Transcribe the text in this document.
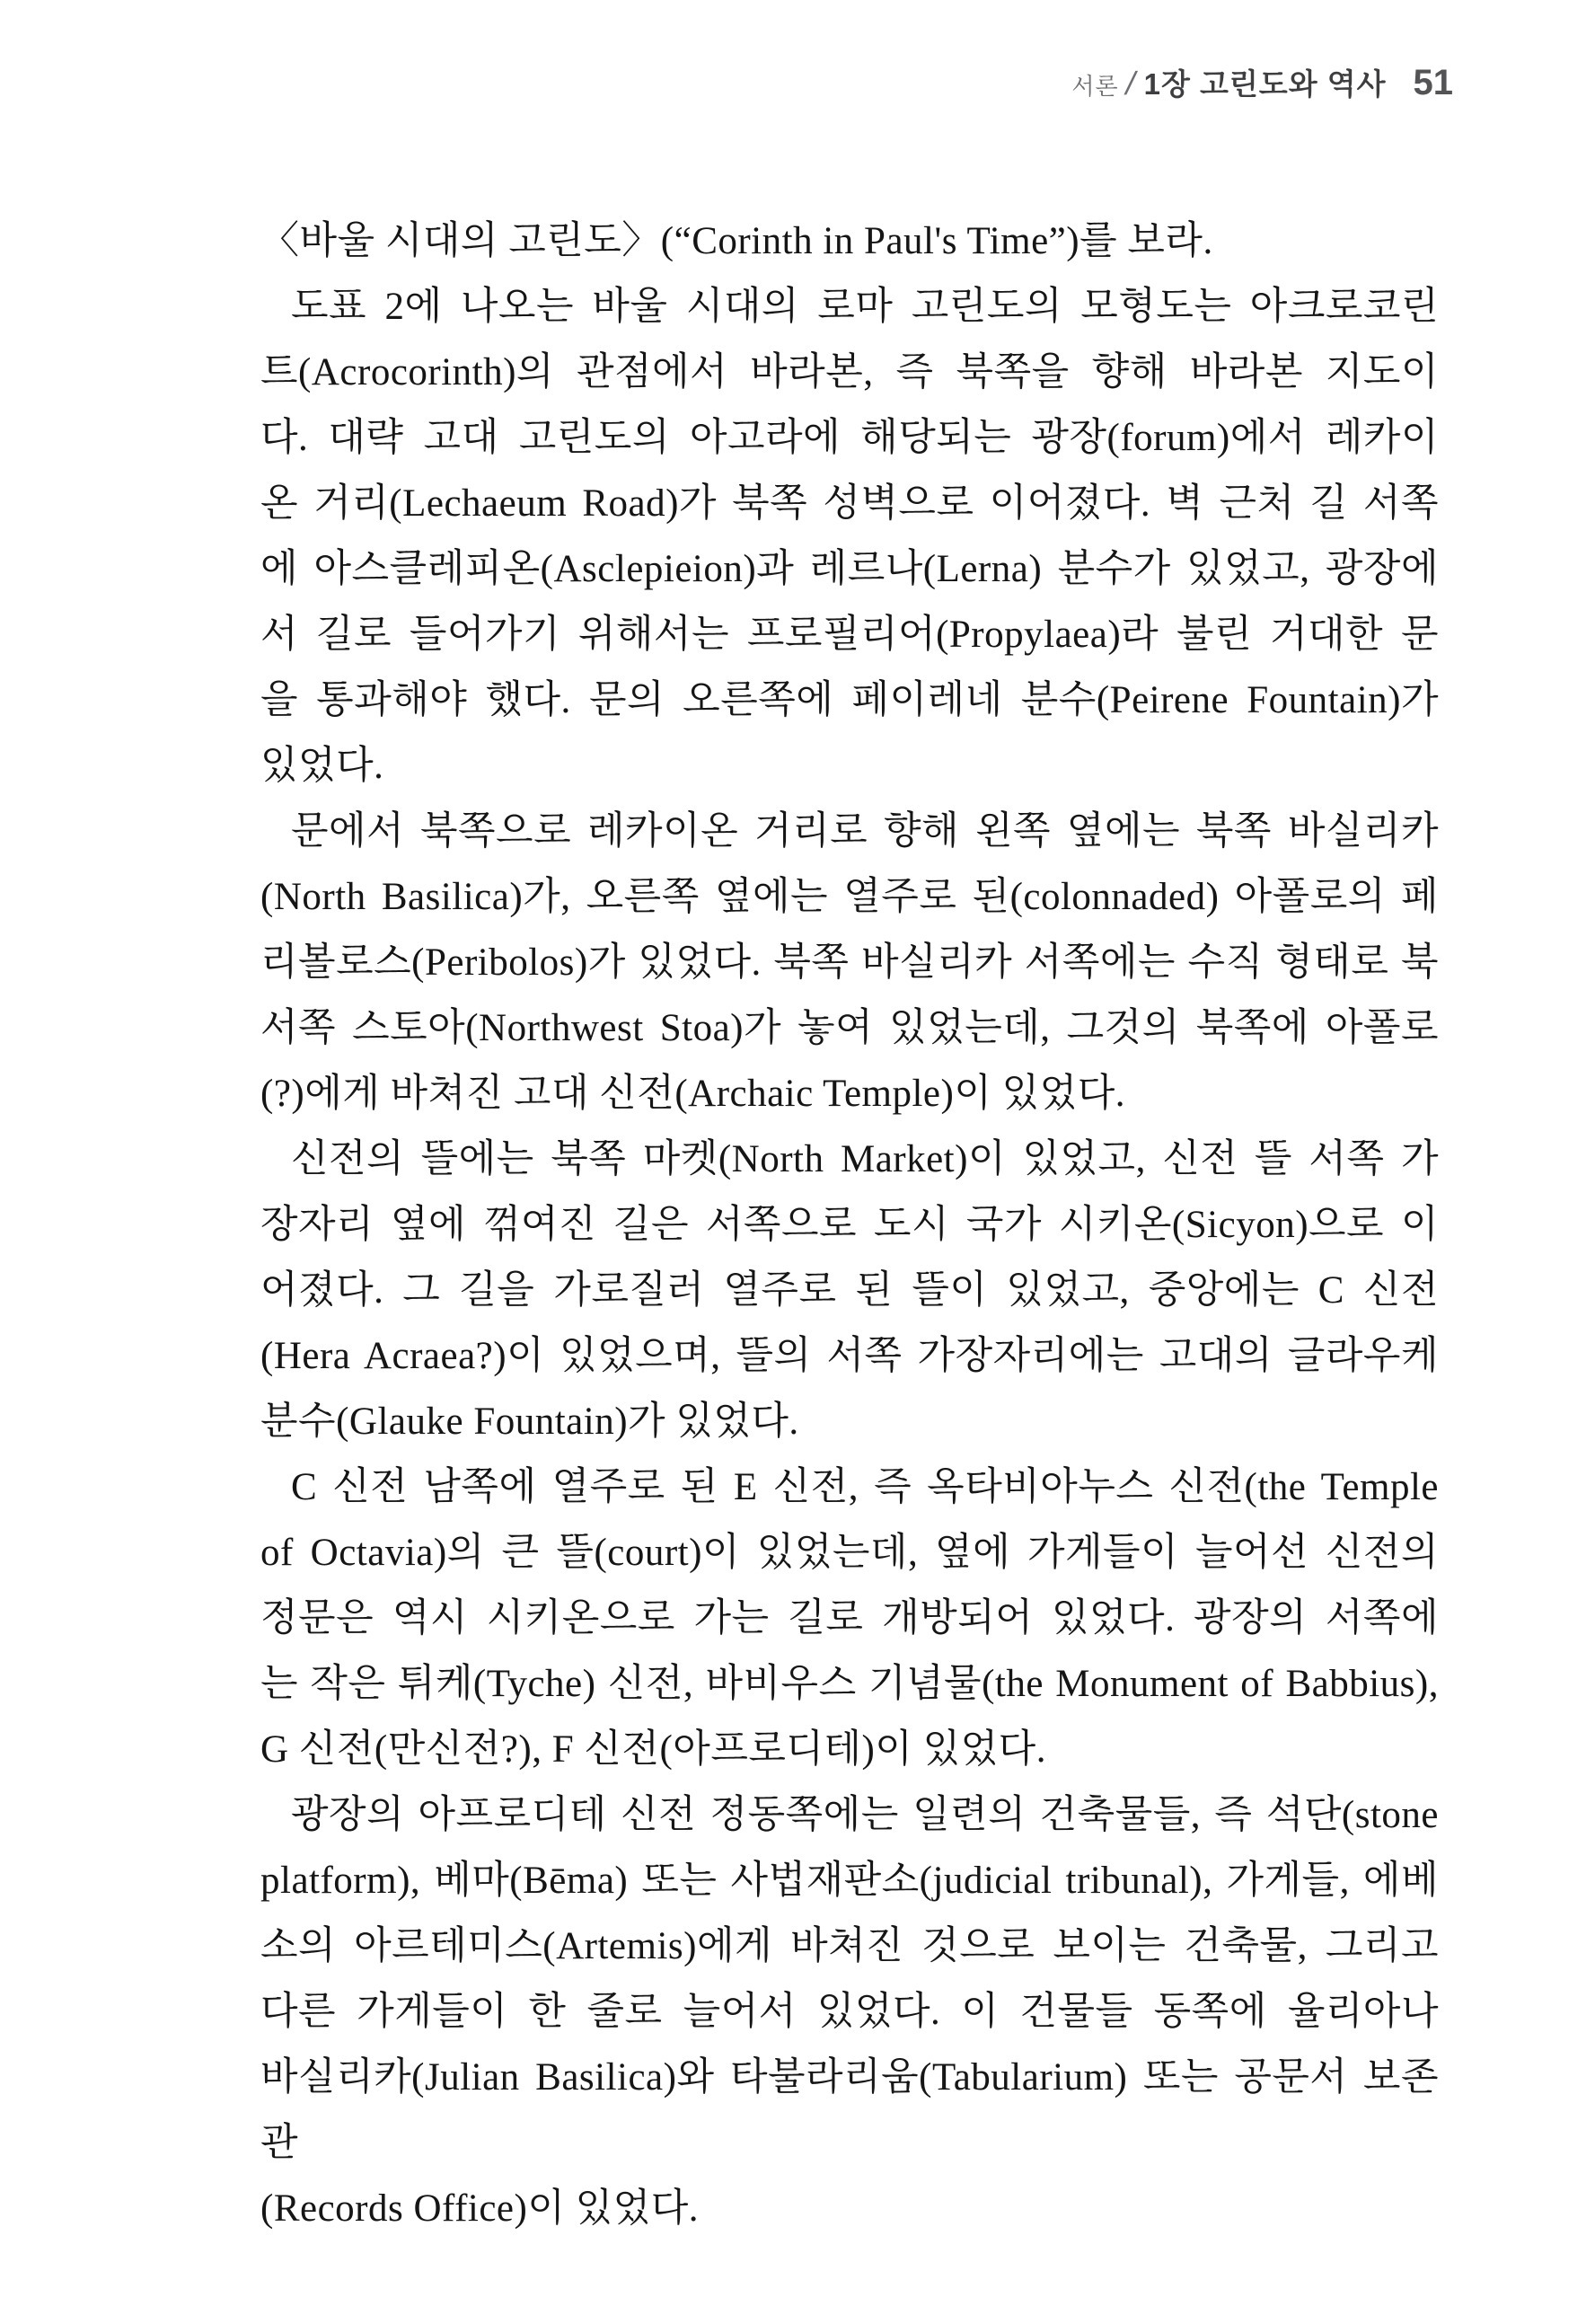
서론 / 1장 고린도와 역사 51
〈바울 시대의 고린도〉(“Corinth in Paul's Time”)를 보라.
도표 2에 나오는 바울 시대의 로마 고린도의 모형도는 아크로코린
트(Acrocorinth)의 관점에서 바라본, 즉 북쪽을 향해 바라본 지도이
다. 대략 고대 고린도의 아고라에 해당되는 광장(forum)에서 레카이
온 거리(Lechaeum Road)가 북쪽 성벽으로 이어졌다. 벽 근처 길 서쪽
에 아스클레피온(Asclepieion)과 레르나(Lerna) 분수가 있었고, 광장에
서 길로 들어가기 위해서는 프로필리어(Propylaea)라 불린 거대한 문
을 통과해야 했다. 문의 오른쪽에 페이레네 분수(Peirene Fountain)가
있었다.
문에서 북쪽으로 레카이온 거리로 향해 왼쪽 옆에는 북쪽 바실리카
(North Basilica)가, 오른쪽 옆에는 열주로 된(colonnaded) 아폴로의 페
리볼로스(Peribolos)가 있었다. 북쪽 바실리카 서쪽에는 수직 형태로 북
서쪽 스토아(Northwest Stoa)가 놓여 있었는데, 그것의 북쪽에 아폴로
(?)에게 바쳐진 고대 신전(Archaic Temple)이 있었다.
신전의 뜰에는 북쪽 마켓(North Market)이 있었고, 신전 뜰 서쪽 가
장자리 옆에 꺾여진 길은 서쪽으로 도시 국가 시키온(Sicyon)으로 이
어졌다. 그 길을 가로질러 열주로 된 뜰이 있었고, 중앙에는 C 신전
(Hera Acraea?)이 있었으며, 뜰의 서쪽 가장자리에는 고대의 글라우케
분수(Glauke Fountain)가 있었다.
C 신전 남쪽에 열주로 된 E 신전, 즉 옥타비아누스 신전(the Temple
of Octavia)의 큰 뜰(court)이 있었는데, 옆에 가게들이 늘어선 신전의
정문은 역시 시키온으로 가는 길로 개방되어 있었다. 광장의 서쪽에
는 작은 튀케(Tyche) 신전, 바비우스 기념물(the Monument of Babbius),
G 신전(만신전?), F 신전(아프로디테)이 있었다.
광장의 아프로디테 신전 정동쪽에는 일련의 건축물들, 즉 석단(stone
platform), 베마(Bēma) 또는 사법재판소(judicial tribunal), 가게들, 에베
소의 아르테미스(Artemis)에게 바쳐진 것으로 보이는 건축물, 그리고
다른 가게들이 한 줄로 늘어서 있었다. 이 건물들 동쪽에 율리아나
바실리카(Julian Basilica)와 타불라리움(Tabularium) 또는 공문서 보존관
(Records Office)이 있었다.
